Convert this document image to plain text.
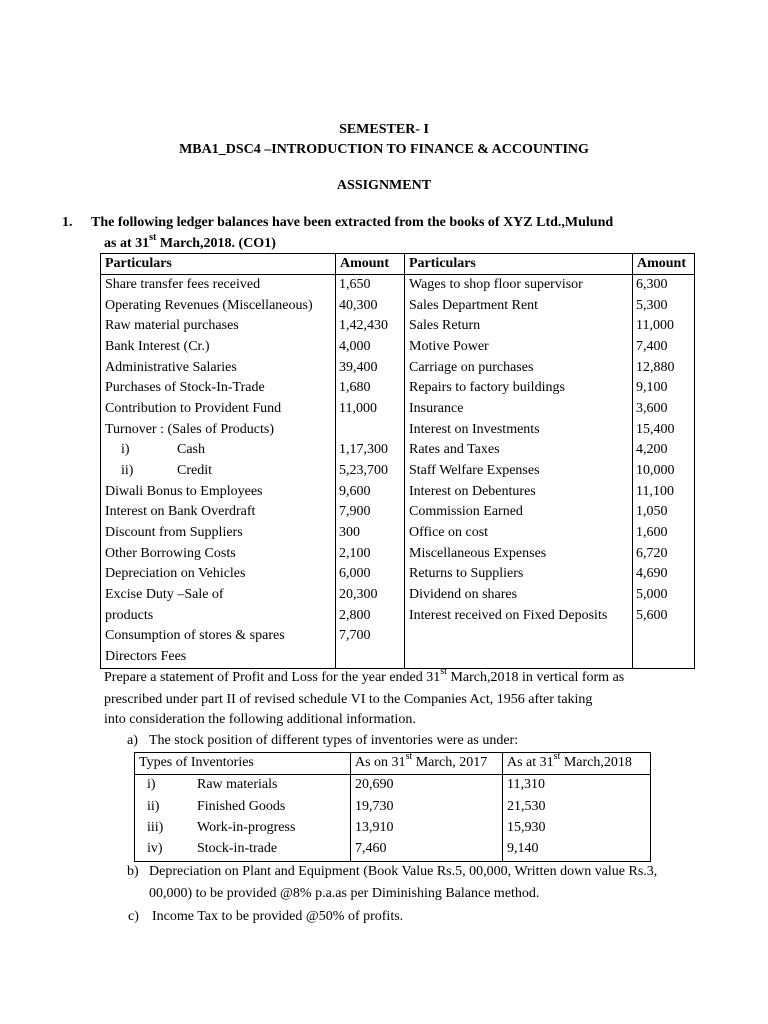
SEMESTER- I
MBA1_DSC4 –INTRODUCTION TO FINANCE & ACCOUNTING
ASSIGNMENT
1. The following ledger balances have been extracted from the books of XYZ Ltd.,Mulund
as at 31st March,2018. (CO1)
Particulars	Amount	Particulars	Amount
Share transfer fees received	1,650	Wages to shop floor supervisor	6,300
Operating Revenues (Miscellaneous)	40,300	Sales Department Rent	5,300
Raw material purchases	1,42,430	Sales Return	11,000
Bank Interest (Cr.)	4,000	Motive Power	7,400
Administrative Salaries	39,400	Carriage on purchases	12,880
Purchases of Stock-In-Trade	1,680	Repairs to factory buildings	9,100
Contribution to Provident Fund	11,000	Insurance	3,600
Turnover : (Sales of Products)		Interest on Investments	15,400
i) Cash	1,17,300	Rates and Taxes	4,200
ii) Credit	5,23,700	Staff Welfare Expenses	10,000
Diwali Bonus to Employees	9,600	Interest on Debentures	11,100
Interest on Bank Overdraft	7,900	Commission Earned	1,050
Discount from Suppliers	300	Office on cost	1,600
Other Borrowing Costs	2,100	Miscellaneous Expenses	6,720
Depreciation on Vehicles	6,000	Returns to Suppliers	4,690
Excise Duty –Sale of	20,300	Dividend on shares	5,000
products	2,800	Interest received on Fixed Deposits	5,600
Consumption of stores & spares	7,700		
Directors Fees			
Prepare a statement of Profit and Loss for the year ended 31st March,2018 in vertical form as
prescribed under part II of revised schedule VI to the Companies Act, 1956 after taking
into consideration the following additional information.
a) The stock position of different types of inventories were as under:
Types of Inventories	As on 31st March, 2017	As at 31st March,2018
i) Raw materials	20,690	11,310
ii) Finished Goods	19,730	21,530
iii) Work-in-progress	13,910	15,930
iv) Stock-in-trade	7,460	9,140
b) Depreciation on Plant and Equipment (Book Value Rs.5, 00,000, Written down value Rs.3,
00,000) to be provided @8% p.a.as per Diminishing Balance method.
c) Income Tax to be provided @50% of profits.
